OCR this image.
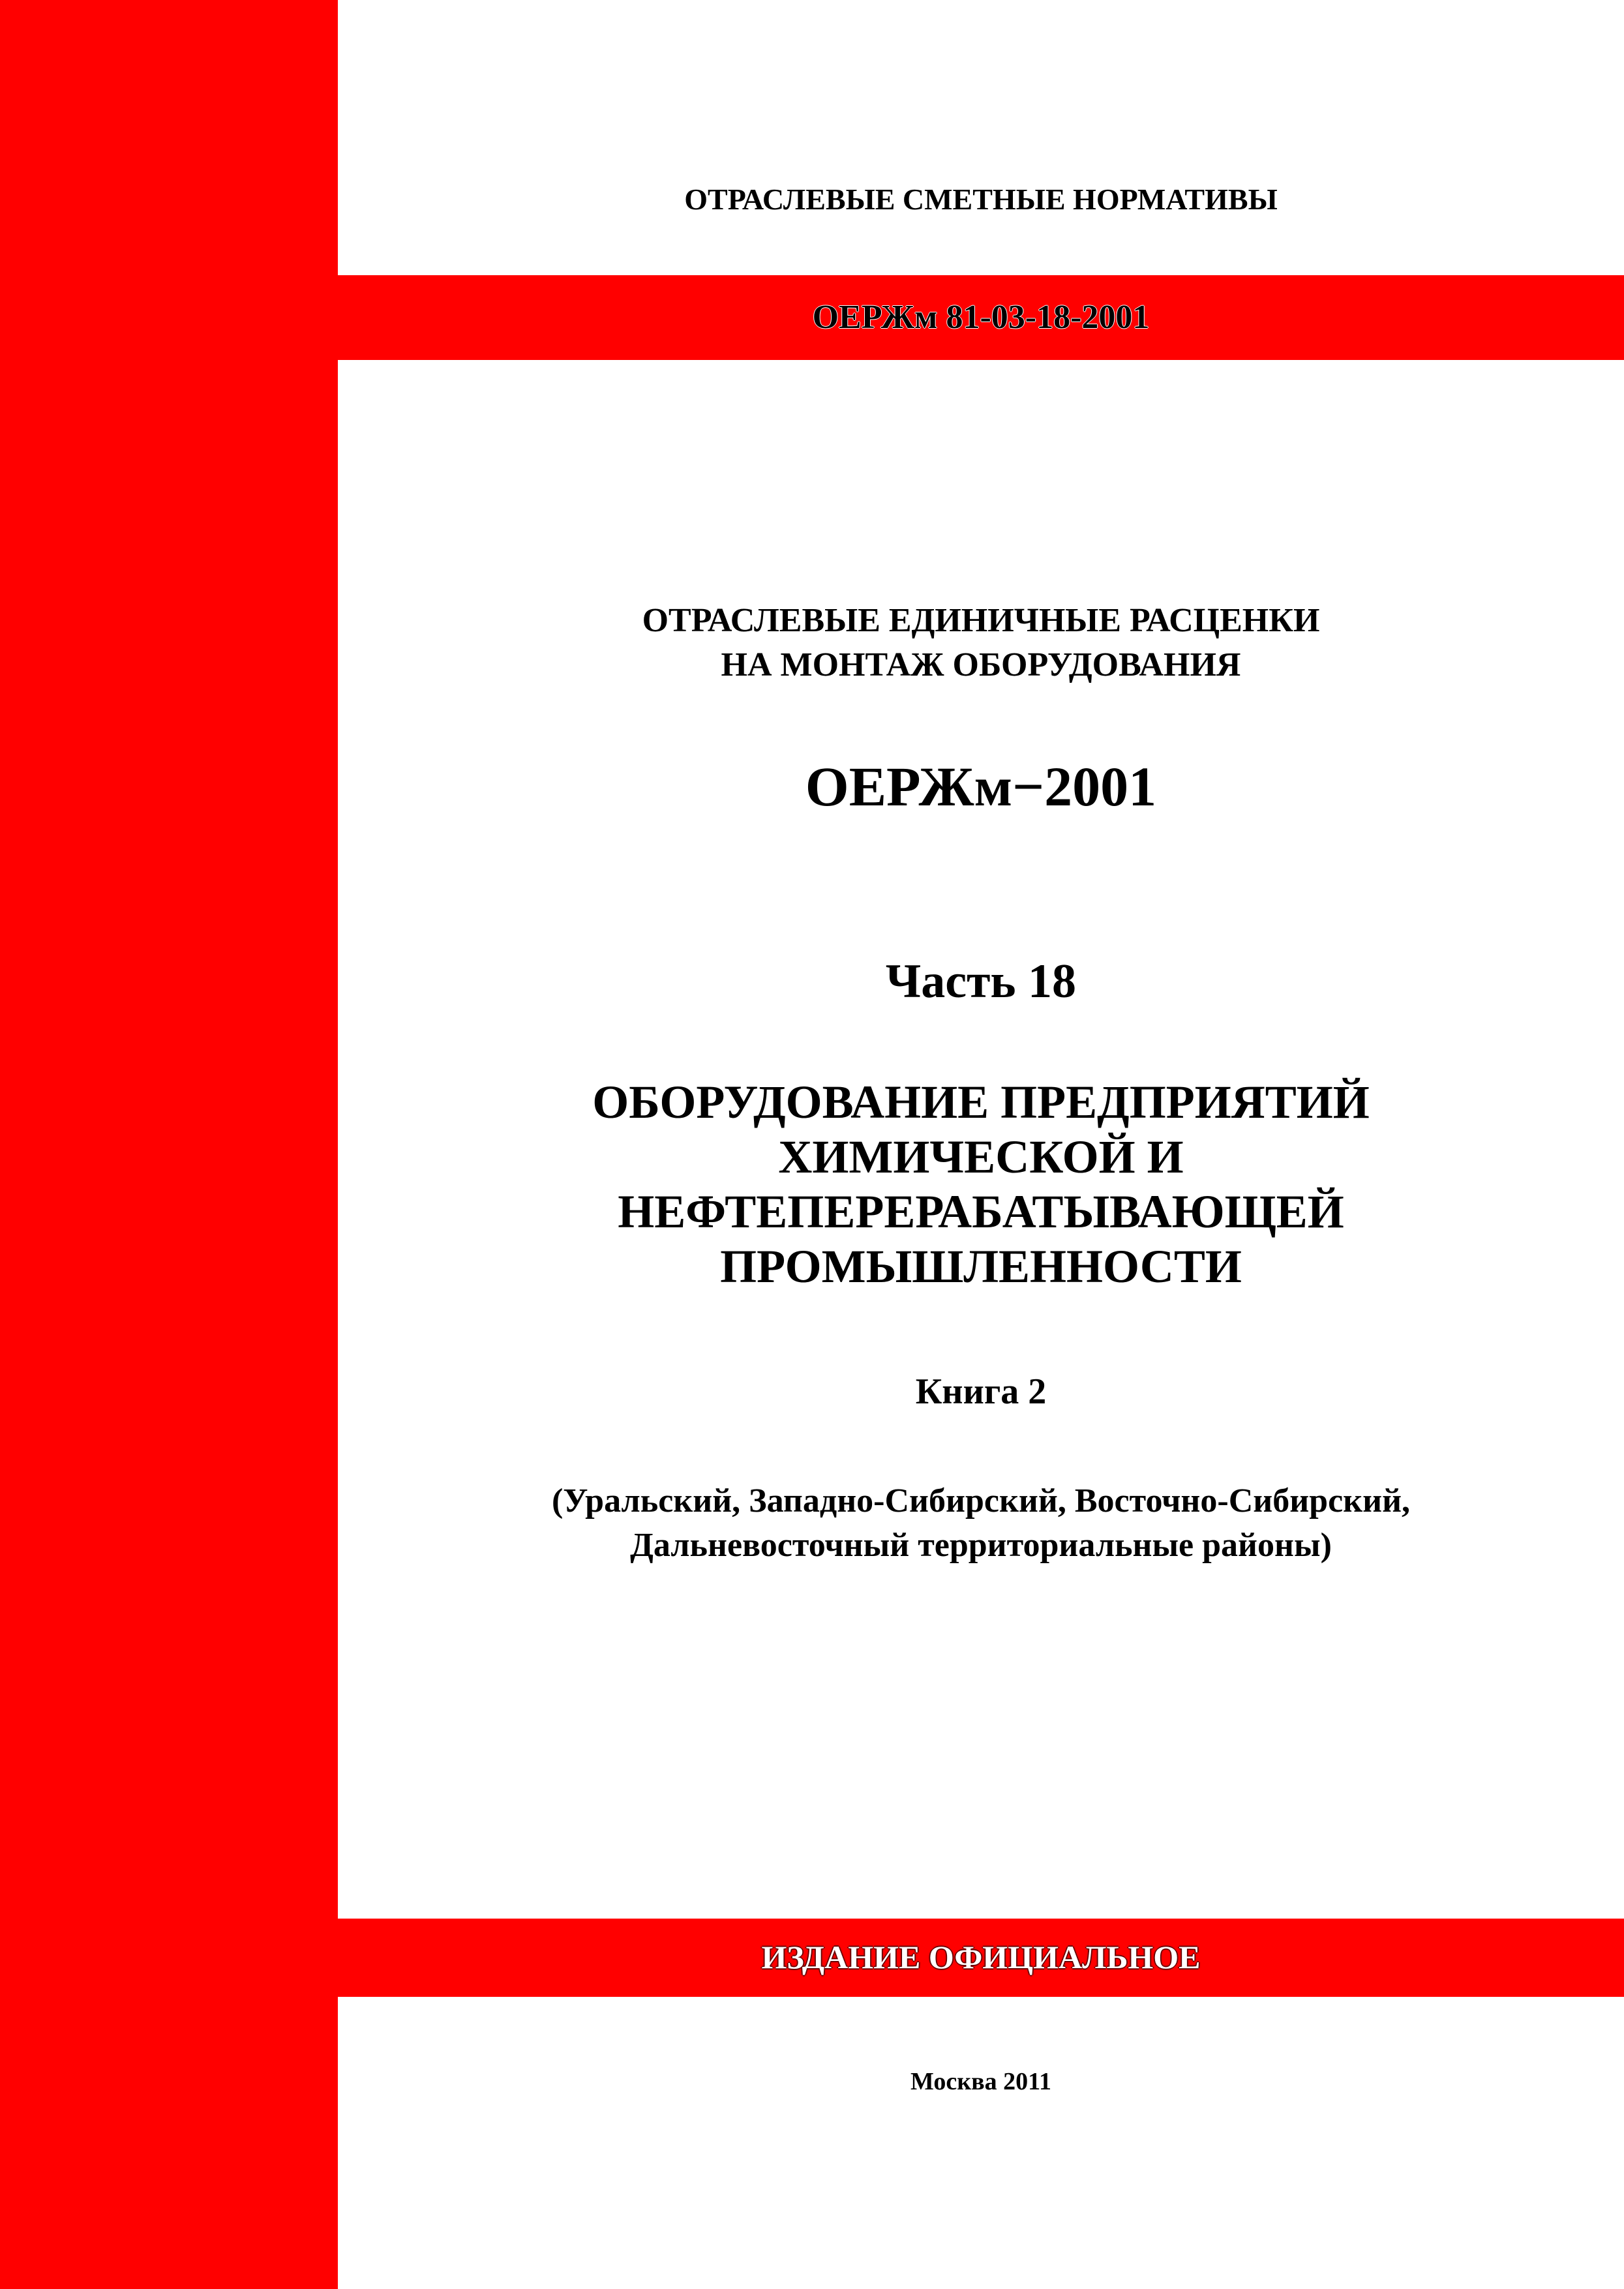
ОТРАСЛЕВЫЕ СМЕТНЫЕ НОРМАТИВЫ

ОЕРЖм 81-03-18-2001

ОТРАСЛЕВЫЕ ЕДИНИЧНЫЕ РАСЦЕНКИ
НА МОНТАЖ ОБОРУДОВАНИЯ

ОЕРЖм−2001

Часть 18

ОБОРУДОВАНИЕ ПРЕДПРИЯТИЙ
ХИМИЧЕСКОЙ И
НЕФТЕПЕРЕРАБАТЫВАЮЩЕЙ
ПРОМЫШЛЕННОСТИ

Книга 2

(Уральский, Западно-Сибирский, Восточно-Сибирский,
Дальневосточный территориальные районы)

ИЗДАНИЕ ОФИЦИАЛЬНОЕ

Москва 2011
